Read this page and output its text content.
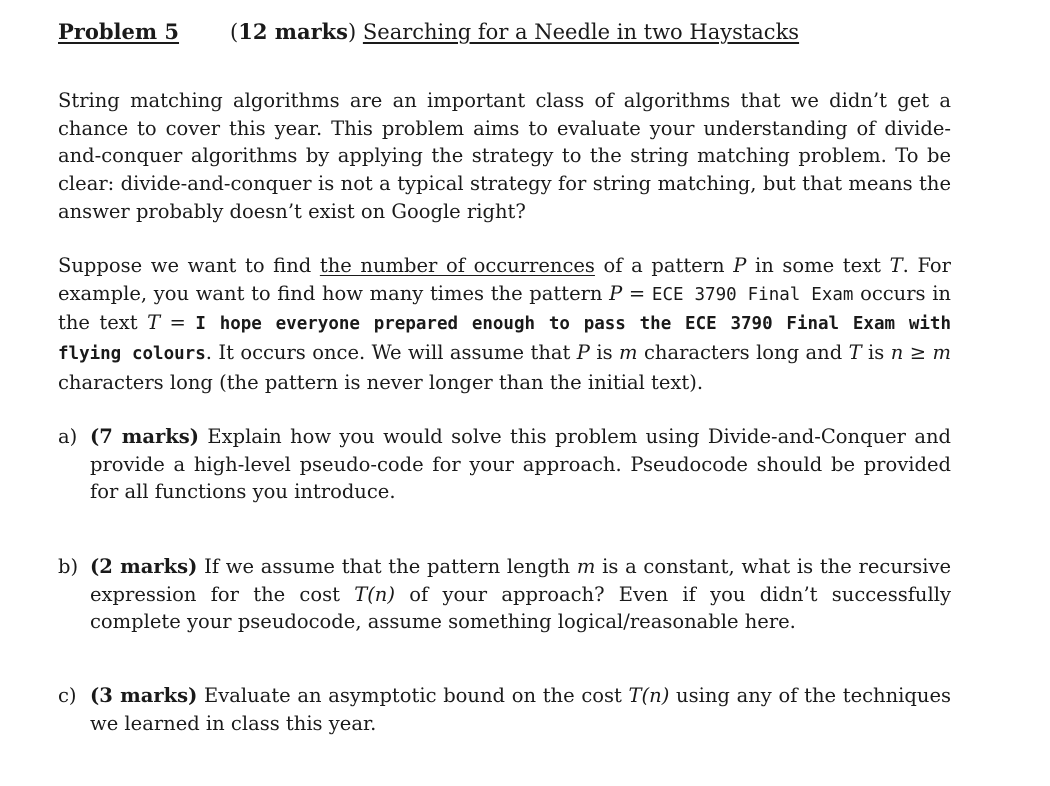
Problem 5 (12 marks) Searching for a Needle in two Haystacks
String matching algorithms are an important class of algorithms that we didn’t get a chance to cover this year. This problem aims to evaluate your understanding of divide-and-conquer algorithms by applying the strategy to the string matching problem. To be clear: divide-and-conquer is not a typical strategy for string matching, but that means the answer probably doesn’t exist on Google right?
Suppose we want to find the number of occurrences of a pattern P in some text T. For example, you want to find how many times the pattern P = ECE 3790 Final Exam occurs in the text T = I hope everyone prepared enough to pass the ECE 3790 Final Exam with flying colours. It occurs once. We will assume that P is m characters long and T is n ≥ m characters long (the pattern is never longer than the initial text).
a) (7 marks) Explain how you would solve this problem using Divide-and-Conquer and provide a high-level pseudo-code for your approach. Pseudocode should be provided for all functions you introduce.
b) (2 marks) If we assume that the pattern length m is a constant, what is the recursive expression for the cost T(n) of your approach? Even if you didn’t successfully complete your pseudocode, assume something logical/reasonable here.
c) (3 marks) Evaluate an asymptotic bound on the cost T(n) using any of the techniques we learned in class this year.
